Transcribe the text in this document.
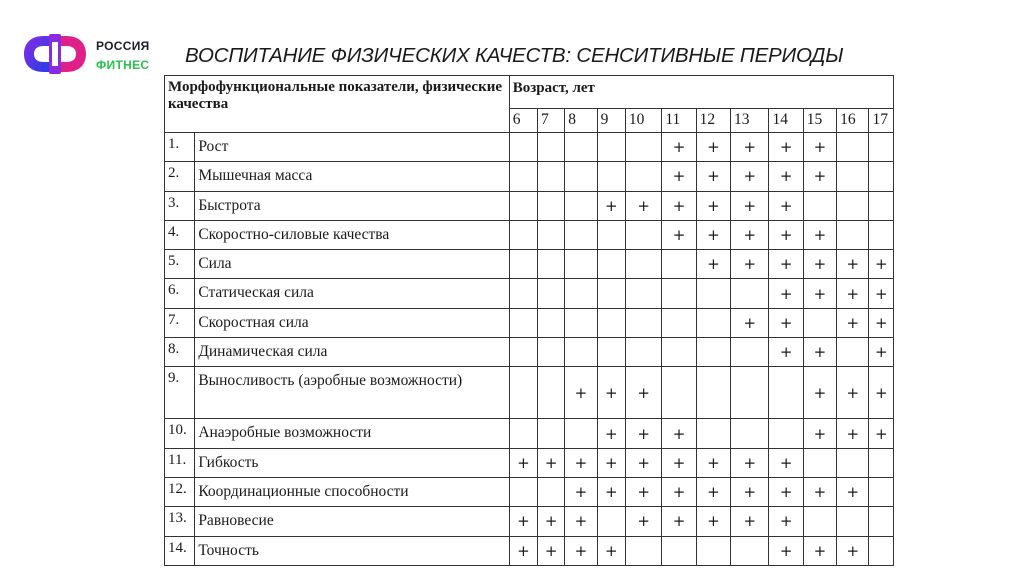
РОССИЯ
ФИТНЕС ВОСПИТАНИЕ ФИЗИЧЕСКИХ КАЧЕСТВ: СЕНСИТИВНЫЕ ПЕРИОДЫ
Морфофункциональные показатели, физические качества		Возраст, лет											
		6	7	8	9	10	11	12	13	14	15	16	17
1.	Рост						+	+	+	+	+		
2.	Мышечная масса						+	+	+	+	+		
3.	Быстрота				+	+	+	+	+	+			
4.	Скоростно-силовые качества						+	+	+	+	+		
5.	Сила							+	+	+	+	+	+
6.	Статическая сила									+	+	+	+
7.	Скоростная сила								+	+		+	+
8.	Динамическая сила									+	+		+
9.	Выносливость (аэробные возможности)			+	+	+					+	+	+
10.	Анаэробные возможности				+	+	+				+	+	+
11.	Гибкость	+	+	+	+	+	+	+	+	+			
12.	Координационные способности			+	+	+	+	+	+	+	+	+	
13.	Равновесие	+	+	+		+	+	+	+	+			
14.	Точность	+	+	+	+					+	+	+	
